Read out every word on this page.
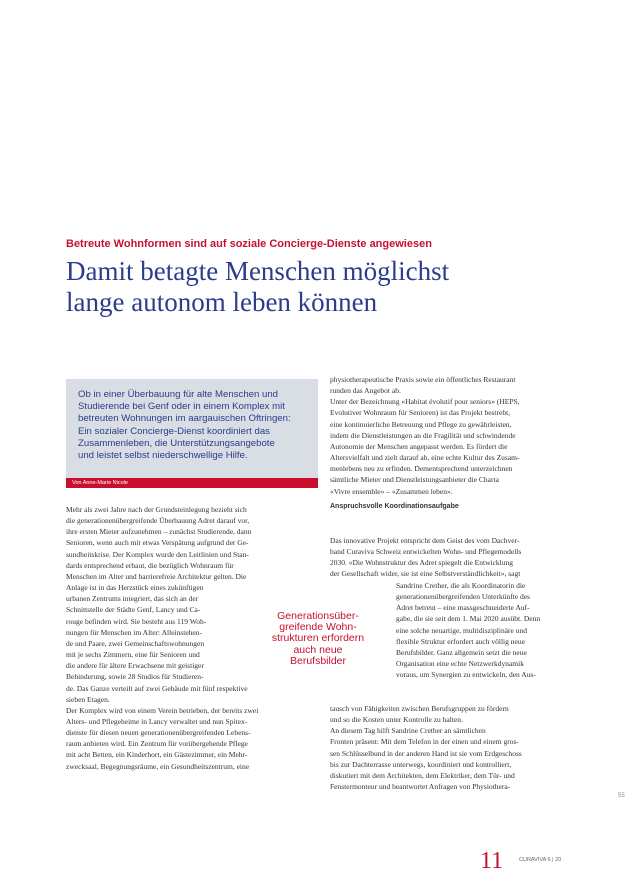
Betreute Wohnformen sind auf soziale Concierge-Dienste angewiesen
Damit betagte Menschen möglichst
lange autonom leben können
Ob in einer Überbauung für alte Menschen und
Studierende bei Genf oder in einem Komplex mit
betreuten Wohnungen im aargauischen Oftringen:
Ein sozialer Concierge-Dienst koordiniert das
Zusammenleben, die Unterstützungsangebote
und leistet selbst niederschwellige Hilfe.
Von Anne-Marie Nicole
Mehr als zwei Jahre nach der Grundsteinlegung bezieht sich
die generationenübergreifende Überbauung Adret darauf vor,
ihre ersten Mieter aufzunehmen – zunächst Studierende, dann
Senioren, wenn auch mit etwas Verspätung aufgrund der Ge-
sundheitskrise. Der Komplex wurde den Leitlinien und Stan-
dards entsprechend erbaut, die bezüglich Wohnraum für
Menschen im Alter und barrierefreie Architektur gelten. Die
Anlage ist in das Herzstück eines zukünftigen
urbanen Zentrums integriert, das sich an der
Schnittstelle der Städte Genf, Lancy und Ca-
rouge befinden wird. Sie besteht aus 119 Woh-
nungen für Menschen im Alter: Alleinstehen-
de und Paare, zwei Gemeinschaftswohnungen
mit je sechs Zimmern, eine für Senioren und
die andere für ältere Erwachsene mit geistiger
Behinderung, sowie 28 Studios für Studieren-
de. Das Ganze verteilt auf zwei Gebäude mit fünf respektive
sieben Etagen.
Der Komplex wird von einem Verein betrieben, der bereits zwei
Alters- und Pflegeheime in Lancy verwaltet und nun Spitex-
dienste für diesen neuen generationenübergreifenden Lebens-
raum anbieten wird. Ein Zentrum für vorübergehende Pflege
mit acht Betten, ein Kinderhort, ein Gästezimmer, ein Mehr-
zwecksaal, Begegnungsräume, ein Gesundheitszentrum, eine
Generationsüber-
greifende Wohn-
strukturen erfordern
auch neue
Berufsbilder
physiotherapeutische Praxis sowie ein öffentliches Restaurant
runden das Angebot ab.
Unter der Bezeichnung «Habitat évolutif pour seniors» (HEPS,
Evolutiver Wohnraum für Senioren) ist das Projekt bestrebt,
eine kontinuierliche Betreuung und Pflege zu gewährleisten,
indem die Dienstleistungen an die Fragilität und schwindende
Autonomie der Menschen angepasst werden. Es fördert die
Altersvielfalt und zielt darauf ab, eine echte Kultur des Zusam-
menlebens neu zu erfinden. Dementsprechend unterzeichnen
sämtliche Mieter und Dienstleistungsanbieter die Charta
«Vivre ensemble» – «Zusammen leben».
Anspruchsvolle Koordinationsaufgabe
Das innovative Projekt entspricht dem Geist des vom Dachver-
band Curaviva Schweiz entwickelten Wohn- und Pflegemodells
2030. «Die Wohnstruktur des Adret spiegelt die Entwicklung
der Gesellschaft wider, sie ist eine Selbstverständlichkeit», sagt
Sandrine Crether, die als Koordinatorin die
generationenübergreifenden Unterkünfte des
Adret betreut – eine massgeschneiderte Auf-
gabe, die sie seit dem 1. Mai 2020 ausübt. Denn
eine solche neuartige, multidisziplinäre und
flexible Struktur erfordert auch völlig neue
Berufsbilder. Ganz allgemein setzt die neue
Organisation eine echte Netzwerkdynamik
voraus, um Synergien zu entwickeln, den Aus-
tausch von Fähigkeiten zwischen Berufsgruppen zu fördern
und so die Kosten unter Kontrolle zu halten.
An diesem Tag hilft Sandrine Crether an sämtlichen
Fronten präsent: Mit dem Telefon in der einen und einem gros-
sen Schlüsselbund in der anderen Hand ist sie vom Erdgeschoss
bis zur Dachterrasse unterwegs, koordiniert und kontrolliert,
diskutiert mit dem Architekten, dem Elektriker, dem Tür- und
Fenstermonteur und beantwortet Anfragen von Physiothera-
11	CURAVIVA 6 | 20
55
